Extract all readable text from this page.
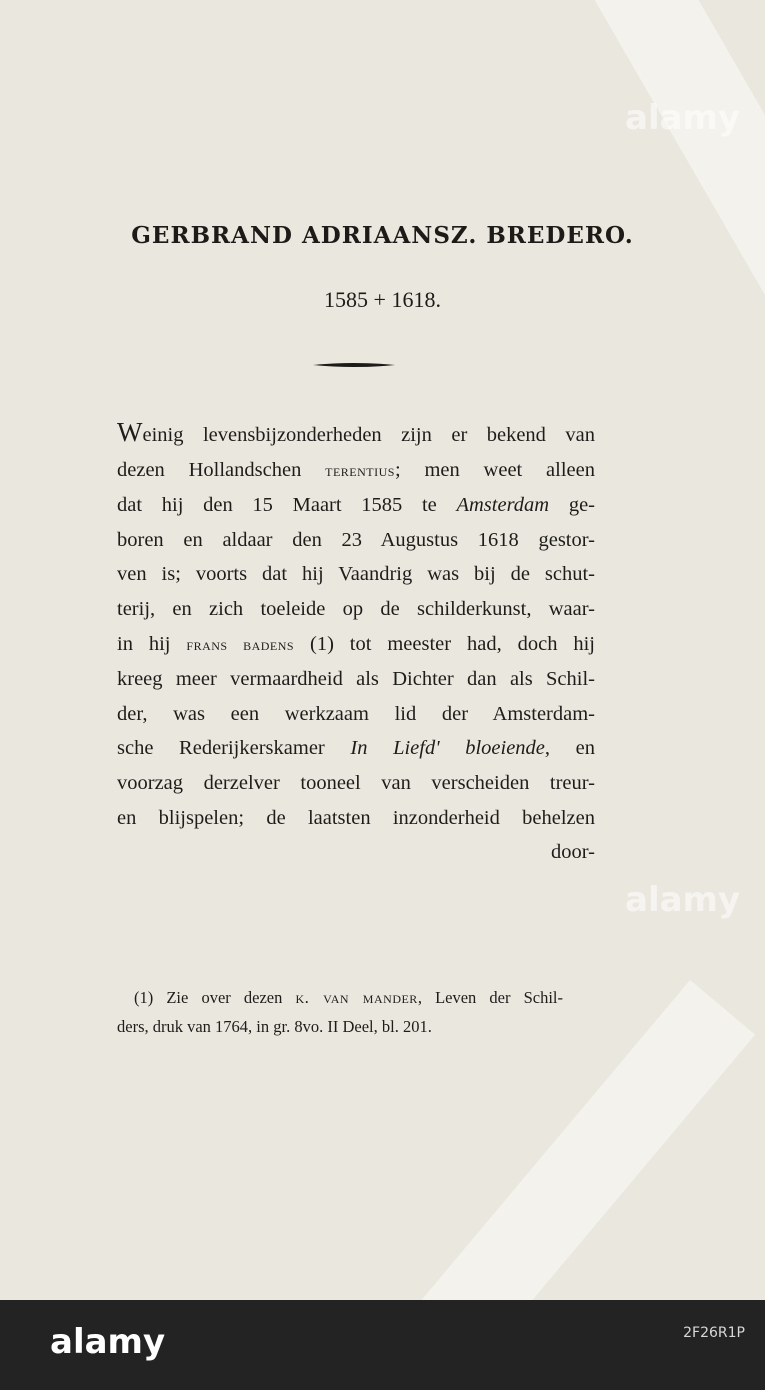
alamy
alamy
GERBRAND ADRIAANSZ. BREDERO.
1585 + 1618.
Weinig levensbijzonderheden zijn er bekend van
dezen Hollandschen terentius; men weet alleen
dat hij den 15 Maart 1585 te Amsterdam ge-
boren en aldaar den 23 Augustus 1618 gestor-
ven is; voorts dat hij Vaandrig was bij de schut-
terij, en zich toeleide op de schilderkunst, waar-
in hij frans badens (1) tot meester had, doch hij
kreeg meer vermaardheid als Dichter dan als Schil-
der, was een werkzaam lid der Amsterdam-
sche Rederijkerskamer In Liefd' bloeiende, en
voorzag derzelver tooneel van verscheiden treur-
en blijspelen; de laatsten inzonderheid behelzen
door-
(1) Zie over dezen k. van mander, Leven der Schil-
ders, druk van 1764, in gr. 8vo. II Deel, bl. 201.
alamy	2F26R1P
